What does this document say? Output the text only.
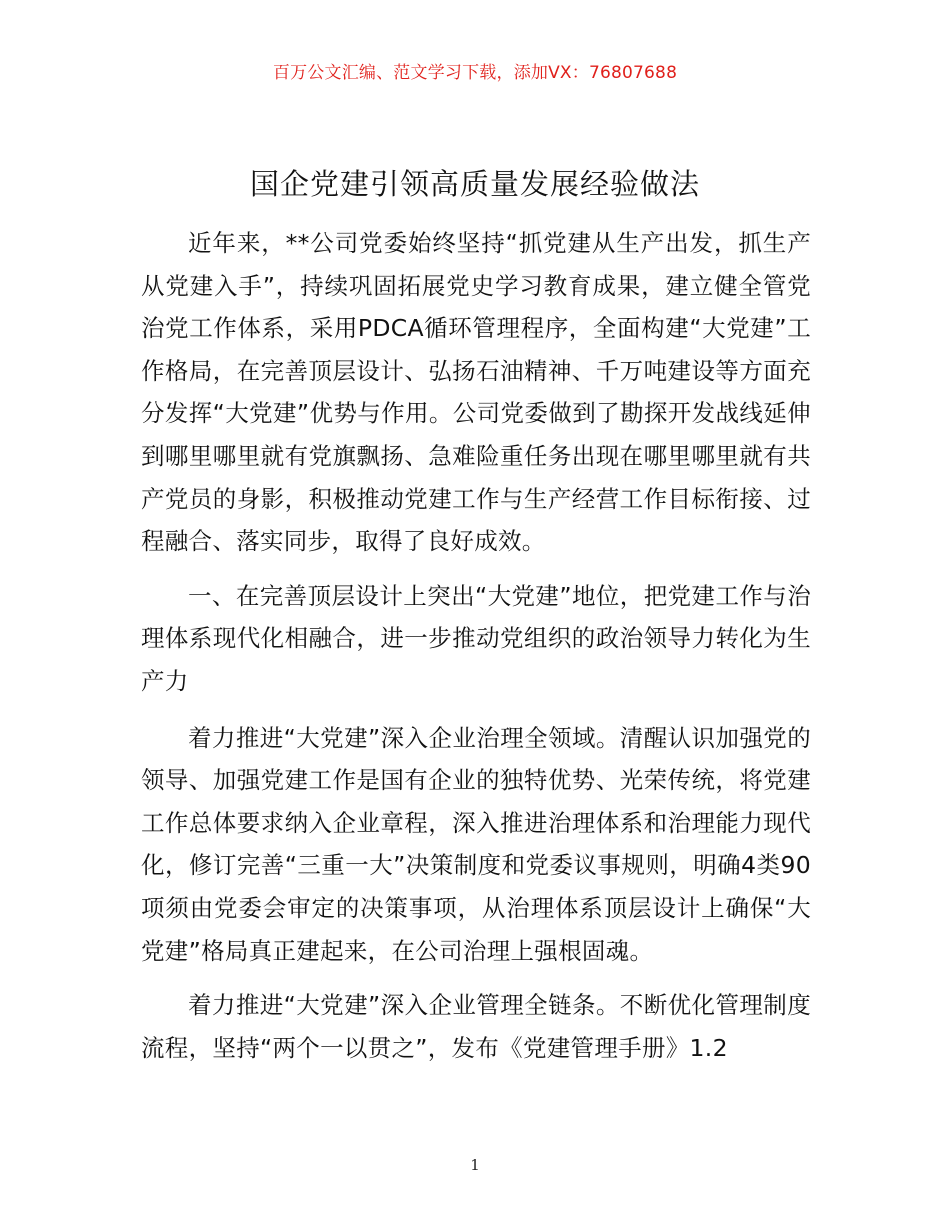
百万公文汇编、范文学习下载，添加VX：76807688
国企党建引领高质量发展经验做法

近年来，**公司党委始终坚持“抓党建从生产出发，抓生产从党建入手”，持续巩固拓展党史学习教育成果，建立健全管党治党工作体系，采用PDCA循环管理程序，全面构建“大党建”工作格局，在完善顶层设计、弘扬石油精神、千万吨建设等方面充分发挥“大党建”优势与作用。公司党委做到了勘探开发战线延伸到哪里哪里就有党旗飘扬、急难险重任务出现在哪里哪里就有共产党员的身影，积极推动党建工作与生产经营工作目标衔接、过程融合、落实同步，取得了良好成效。

一、在完善顶层设计上突出“大党建”地位，把党建工作与治理体系现代化相融合，进一步推动党组织的政治领导力转化为生产力

着力推进“大党建”深入企业治理全领域。清醒认识加强党的领导、加强党建工作是国有企业的独特优势、光荣传统，将党建工作总体要求纳入企业章程，深入推进治理体系和治理能力现代化，修订完善“三重一大”决策制度和党委议事规则，明确4类90项须由党委会审定的决策事项，从治理体系顶层设计上确保“大党建”格局真正建起来，在公司治理上强根固魂。

着力推进“大党建”深入企业管理全链条。不断优化管理制度流程，坚持“两个一以贯之”，发布《党建管理手册》1.2

1
